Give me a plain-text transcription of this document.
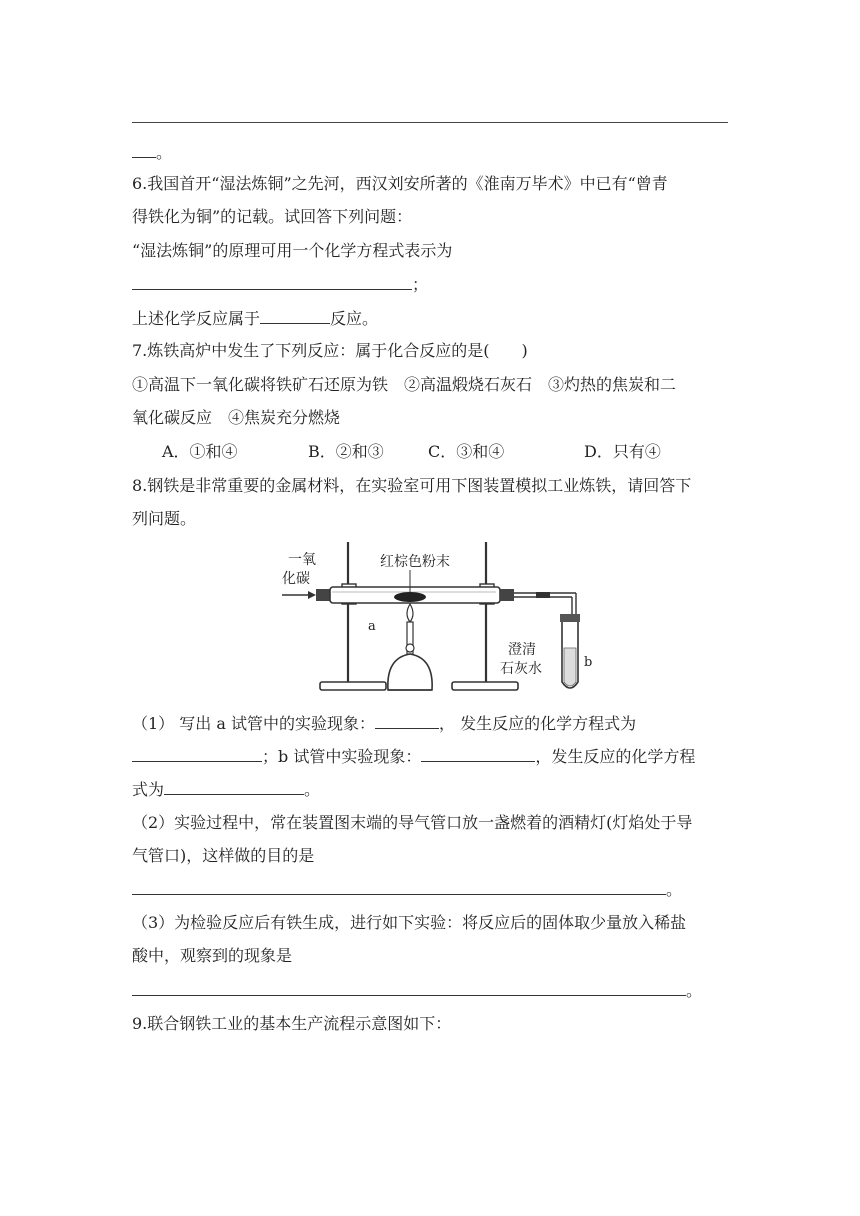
。
6.我国首开“湿法炼铜”之先河，西汉刘安所著的《淮南万毕术》中已有“曾青
得铁化为铜”的记载。试回答下列问题：
“湿法炼铜”的原理可用一个化学方程式表示为
；
上述化学反应属于	反应。
7.炼铁高炉中发生了下列反应：属于化合反应的是(　　)
①高温下一氧化碳将铁矿石还原为铁　②高温煅烧石灰石　③灼热的焦炭和二
氧化碳反应　④焦炭充分燃烧
A．①和④	B．②和③	C．③和④	D．只有④
8.钢铁是非常重要的金属材料，在实验室可用下图装置模拟工业炼铁，请回答下
列问题。
一氧
化碳
红棕色粉末
a
澄清
石灰水	b
（1） 写出 a 试管中的实验现象：	， 发生反应的化学方程式为
；b 试管中实验现象：	，发生反应的化学方程
式为	。
（2）实验过程中，常在装置图末端的导气管口放一盏燃着的酒精灯(灯焰处于导
气管口)，这样做的目的是
。
（3）为检验反应后有铁生成，进行如下实验：将反应后的固体取少量放入稀盐
酸中，观察到的现象是
。
9.联合钢铁工业的基本生产流程示意图如下：
